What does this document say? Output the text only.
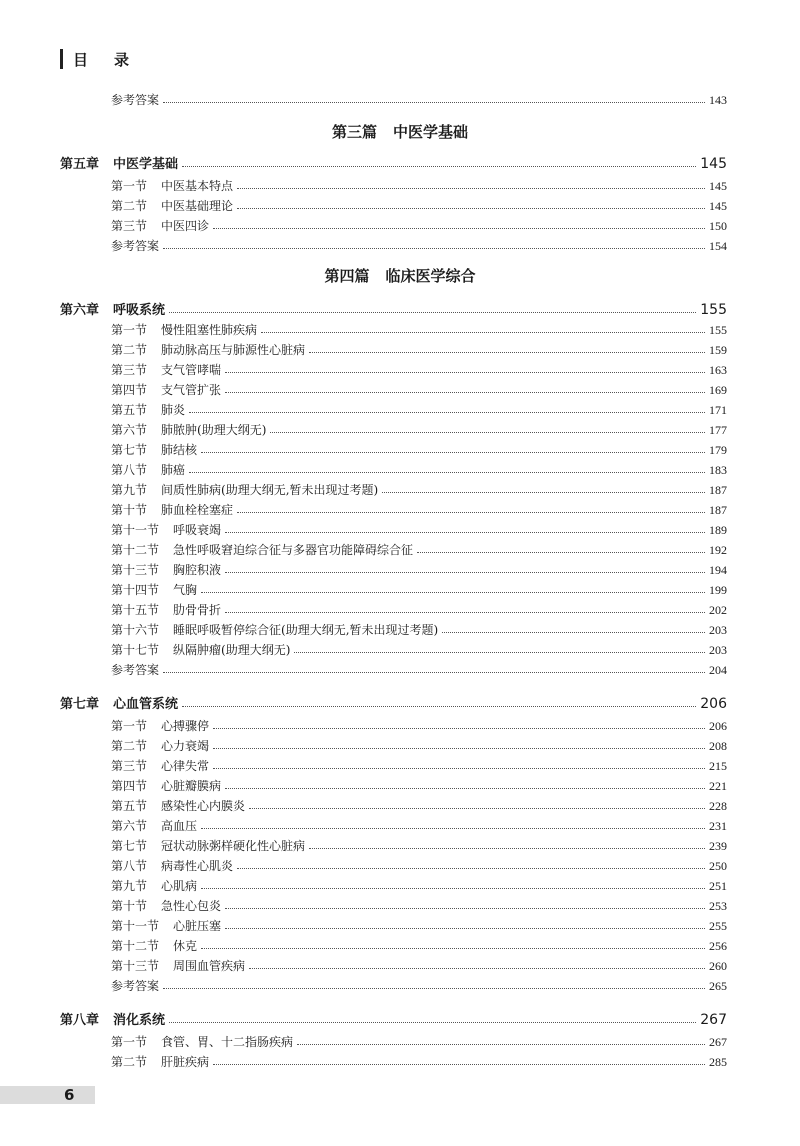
目 录
参考答案	143
第三篇 中医学基础
第五章 中医学基础	145
第一节 中医基本特点	145
第二节 中医基础理论	145
第三节 中医四诊	150
参考答案	154
第四篇 临床医学综合
第六章 呼吸系统	155
第一节 慢性阻塞性肺疾病	155
第二节 肺动脉高压与肺源性心脏病	159
第三节 支气管哮喘	163
第四节 支气管扩张	169
第五节 肺炎	171
第六节 肺脓肿(助理大纲无)	177
第七节 肺结核	179
第八节 肺癌	183
第九节 间质性肺病(助理大纲无,暂未出现过考题)	187
第十节 肺血栓栓塞症	187
第十一节 呼吸衰竭	189
第十二节 急性呼吸窘迫综合征与多器官功能障碍综合征	192
第十三节 胸腔积液	194
第十四节 气胸	199
第十五节 肋骨骨折	202
第十六节 睡眠呼吸暂停综合征(助理大纲无,暂未出现过考题)	203
第十七节 纵隔肿瘤(助理大纲无)	203
参考答案	204
第七章 心血管系统	206
第一节 心搏骤停	206
第二节 心力衰竭	208
第三节 心律失常	215
第四节 心脏瓣膜病	221
第五节 感染性心内膜炎	228
第六节 高血压	231
第七节 冠状动脉粥样硬化性心脏病	239
第八节 病毒性心肌炎	250
第九节 心肌病	251
第十节 急性心包炎	253
第十一节 心脏压塞	255
第十二节 休克	256
第十三节 周围血管疾病	260
参考答案	265
第八章 消化系统	267
第一节 食管、胃、十二指肠疾病	267
第二节 肝脏疾病	285
6
